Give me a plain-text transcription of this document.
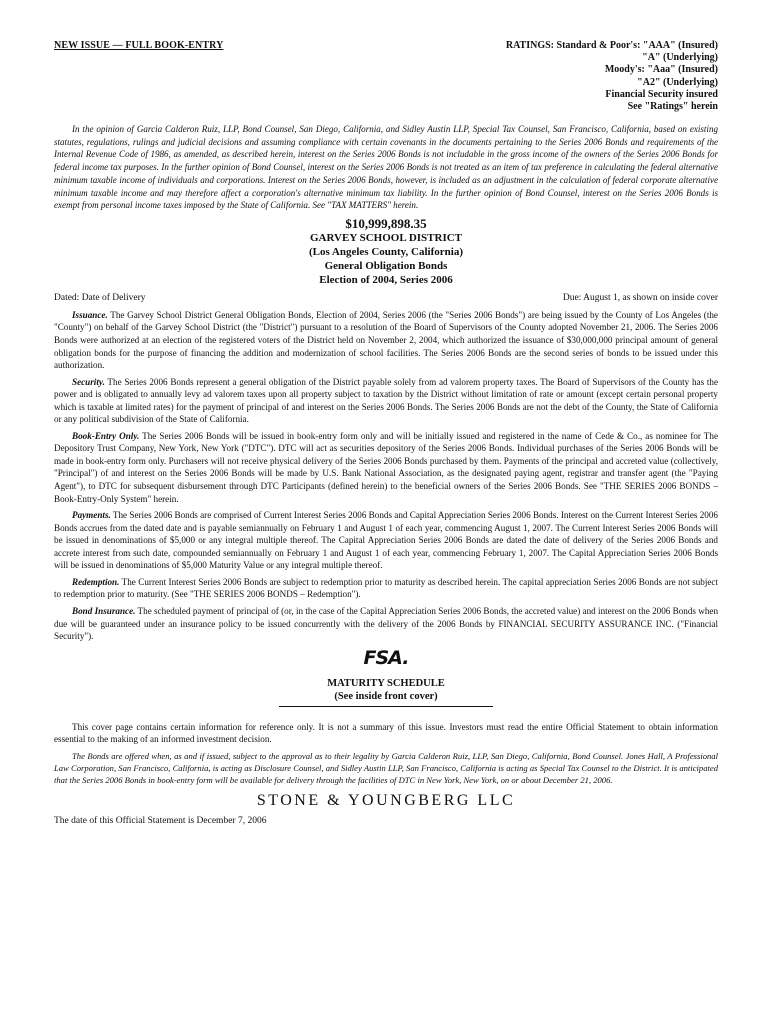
NEW ISSUE — FULL BOOK-ENTRY	RATINGS: Standard & Poor's: "AAA" (Insured)
"A" (Underlying)
Moody's: "Aaa" (Insured)
"A2" (Underlying)
Financial Security insured
See "Ratings" herein

In the opinion of Garcia Calderon Ruiz, LLP, Bond Counsel, San Diego, California, and Sidley Austin LLP, Special Tax Counsel, San Francisco, California, based on existing statutes, regulations, rulings and judicial decisions and assuming compliance with certain covenants in the documents pertaining to the Series 2006 Bonds and requirements of the Internal Revenue Code of 1986, as amended, as described herein, interest on the Series 2006 Bonds is not includable in the gross income of the owners of the Series 2006 Bonds for federal income tax purposes. In the further opinion of Bond Counsel, interest on the Series 2006 Bonds is not treated as an item of tax preference in calculating the federal alternative minimum taxable income of individuals and corporations. Interest on the Series 2006 Bonds, however, is included as an adjustment in the calculation of federal corporate alternative minimum taxable income and may therefore affect a corporation's alternative minimum tax liability. In the further opinion of Bond Counsel, interest on the Series 2006 Bonds is exempt from personal income taxes imposed by the State of California. See "TAX MATTERS" herein.

$10,999,898.35
GARVEY SCHOOL DISTRICT
(Los Angeles County, California)
General Obligation Bonds
Election of 2004, Series 2006
Dated: Date of Delivery	Due: August 1, as shown on inside cover

Issuance. The Garvey School District General Obligation Bonds, Election of 2004, Series 2006 (the "Series 2006 Bonds") are being issued by the County of Los Angeles (the "County") on behalf of the Garvey School District (the "District") pursuant to a resolution of the Board of Supervisors of the County adopted November 21, 2006. The Series 2006 Bonds were authorized at an election of the registered voters of the District held on November 2, 2004, which authorized the issuance of $30,000,000 principal amount of general obligation bonds for the purpose of financing the addition and modernization of school facilities. The Series 2006 Bonds are the second series of bonds to be issued under this authorization.

Security. The Series 2006 Bonds represent a general obligation of the District payable solely from ad valorem property taxes. The Board of Supervisors of the County has the power and is obligated to annually levy ad valorem taxes upon all property subject to taxation by the District without limitation of rate or amount (except certain personal property which is taxable at limited rates) for the payment of principal of and interest on the Series 2006 Bonds. The Series 2006 Bonds are not the debt of the County, the State of California or any political subdivision of the State of California.

Book-Entry Only. The Series 2006 Bonds will be issued in book-entry form only and will be initially issued and registered in the name of Cede & Co., as nominee for The Depository Trust Company, New York, New York ("DTC"). DTC will act as securities depository of the Series 2006 Bonds. Individual purchases of the Series 2006 Bonds will be made in book-entry form only. Purchasers will not receive physical delivery of the Series 2006 Bonds purchased by them. Payments of the principal and accreted value (collectively, "Principal") of and interest on the Series 2006 Bonds will be made by U.S. Bank National Association, as the designated paying agent, registrar and transfer agent (the "Paying Agent"), to DTC for subsequent disbursement through DTC Participants (defined herein) to the beneficial owners of the Series 2006 Bonds. See "THE SERIES 2006 BONDS – Book-Entry-Only System" herein.

Payments. The Series 2006 Bonds are comprised of Current Interest Series 2006 Bonds and Capital Appreciation Series 2006 Bonds. Interest on the Current Interest Series 2006 Bonds accrues from the dated date and is payable semiannually on February 1 and August 1 of each year, commencing August 1, 2007. The Current Interest Series 2006 Bonds will be issued in denominations of $5,000 or any integral multiple thereof. The Capital Appreciation Series 2006 Bonds are dated the date of delivery of the Series 2006 Bonds and accrete interest from such date, compounded semiannually on February 1 and August 1 of each year, commencing February 1, 2007. The Capital Appreciation Series 2006 Bonds will be issued in denominations of $5,000 Maturity Value or any integral multiple thereof.

Redemption. The Current Interest Series 2006 Bonds are subject to redemption prior to maturity as described herein. The capital appreciation Series 2006 Bonds are not subject to redemption prior to maturity. (See "THE SERIES 2006 BONDS – Redemption").

Bond Insurance. The scheduled payment of principal of (or, in the case of the Capital Appreciation Series 2006 Bonds, the accreted value) and interest on the 2006 Bonds when due will be guaranteed under an insurance policy to be issued concurrently with the delivery of the 2006 Bonds by FINANCIAL SECURITY ASSURANCE INC. ("Financial Security").

FSA.
MATURITY SCHEDULE
(See inside front cover)

This cover page contains certain information for reference only. It is not a summary of this issue. Investors must read the entire Official Statement to obtain information essential to the making of an informed investment decision.

The Bonds are offered when, as and if issued, subject to the approval as to their legality by Garcia Calderon Ruiz, LLP, San Diego, California, Bond Counsel. Jones Hall, A Professional Law Corporation, San Francisco, California, is acting as Disclosure Counsel, and Sidley Austin LLP, San Francisco, California is acting as Special Tax Counsel to the District. It is anticipated that the Series 2006 Bonds in book-entry form will be available for delivery through the facilities of DTC in New York, New York, on or about December 21, 2006.

STONE & YOUNGBERG LLC
The date of this Official Statement is December 7, 2006
